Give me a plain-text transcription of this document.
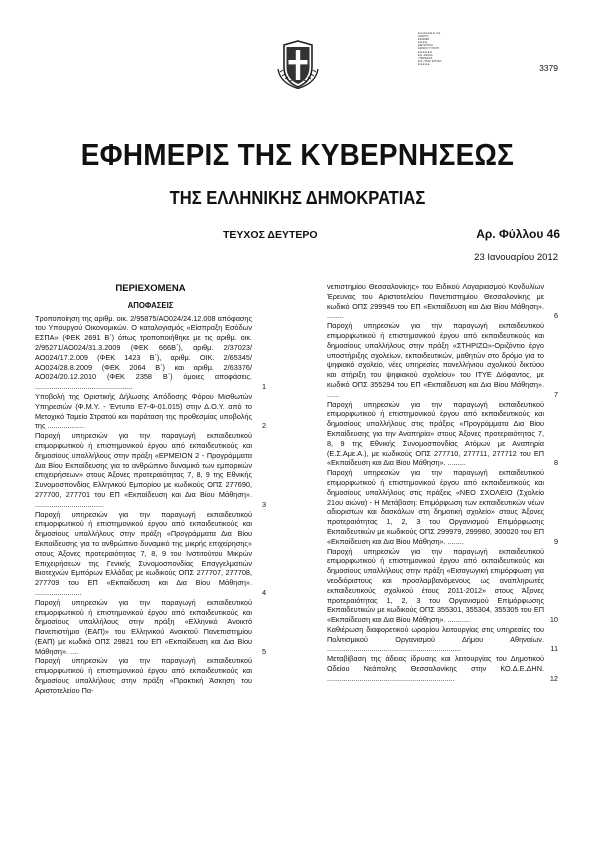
Ε.Θ.Δ.Ε.Ε.Ε.Ε. Α.Ε
ΗΛΕΚΤΡ.
ΕΦΗΜΕΡ.
Ε.Ε.Ε.Ε.
ΔΙΕΥΘΥΝΣΗ
ΕΘΝΙΚΟ ΤΥΠΟΓΡ.
Ε.Ε.Ε.Ε.Ε.Ε.
Ε.Ε. ΑΘΗΝΑ
ΥΠΕΡΕΣΙΑΣ
Ε.Ε. ΠΛΗΡ. ΕΠΙΤΕΛ.
Ε.Ε.Ε.Ε.Ε.	3379
ΕΦΗΜΕΡΙΣ ΤΗΣ ΚΥΒΕΡΝΗΣΕΩΣ
ΤΗΣ ΕΛΛΗΝΙΚΗΣ ΔΗΜΟΚΡΑΤΙΑΣ
ΤΕΥΧΟΣ ΔΕΥΤΕΡΟ	Αρ. Φύλλου 46
23 Ιανουαρίου 2012
ΠΕΡΙΕΧΟΜΕΝΑ
ΑΠΟΦΑΣΕΙΣ
Τροποποίηση της αριθμ. οικ. 2/95875/ΑΟ024/24.12.008 απόφασης του Υπουργού Οικονομικών. Ο καταλογισμός «Είσπραξη Εσόδων ΕΣΠΑ» (ΦΕΚ 2691 Β΄) όπως τροποποιήθηκε με τις αριθμ. οικ. 2/95271/ΑΟ024/31.3.2009 (ΦΕΚ 666Β΄), αριθμ. 2/37023/ΑΟ024/17.2.009 (ΦΕΚ 1423 Β΄), αριθμ. ΟΙΚ. 2/65345/ΑΟ024/28.8.2009 (ΦΕΚ 2064 Β΄) και αριθμ. 2/63376/ΑΟ024/20.12.2010 (ΦΕΚ 2358 Β΄) όμοιες αποφάσεις. ................................................	1
Υποβολή της Οριστικής Δήλωσης Απόδοσης Φόρου Μισθωτών Υπηρεσιών (Φ.Μ.Υ. - Έντυπο Ε7-Φ-01.015) στην Δ.Ο.Υ. από το Μετοχικό Ταμείο Στρατού και παράταση της προθεσμίας υποβολής της ..................	2
Παροχή υπηρεσιών για την παραγωγή εκπαιδευτικού επιμορφωτικού ή επιστημονικού έργου από εκπαιδευτικούς και δημοσίους υπαλλήλους στην πράξη «ΕΡΜΕΙΟΝ 2 - Προγράμματα Δια Βίου Εκπαίδευσης για το ανθρώπινο δυναμικό των εμπορικών επιχειρήσεων» στους Άξονες προτεραιότητας 7, 8, 9 της Εθνικής Συνομοσπονδίας Ελληνικού Εμπορίου με κωδικούς ΟΠΣ 277690, 277700, 277701 του ΕΠ «Εκπαίδευση και Δια Βίου Μάθηση». ..................................	3
Παροχή υπηρεσιών για την παραγωγή εκπαιδευτικού επιμορφωτικού ή επιστημονικού έργου από εκπαιδευτικούς και δημοσίους υπαλλήλους στην πράξη «Προγράμματα Δια Βίου Εκπαίδευσης για το ανθρώπινο δυναμικό της μικρής επιχείρησης» στους Άξονες προτεραιότητας 7, 8, 9 του Ινστιτούτου Μικρών Επιχειρήσεων της Γενικής Συνομοσπονδίας Επαγγελματιών Βιοτεχνών Εμπόρων Ελλάδας με κωδικούς ΟΠΣ 277707, 277708, 277709 του ΕΠ «Εκπαίδευση και Δια Βίου Μάθηση». .......................	4
Παροχή υπηρεσιών για την παραγωγή εκπαιδευτικού επιμορφωτικού ή επιστημονικού έργου από εκπαιδευτικούς και δημοσίους υπαλλήλους στην πράξη «Ελληνικό Ανοικτό Πανεπιστήμιο (ΕΑΠ)» του Ελληνικού Ανοικτού Πανεπιστημίου (ΕΑΠ) με κωδικό ΟΠΣ 29821 του ΕΠ «Εκπαίδευση και Δια Βίου Μάθηση». ....	5
Παροχή υπηρεσιών για την παραγωγή εκπαιδευτικού επιμορφωτικού ή επιστημονικού έργου από εκπαιδευτικούς και δημοσίους υπαλλήλους στην πράξη «Πρακτική Άσκηση του Αριστοτελείου Πα-
νεπιστημίου Θεσσαλονίκης» του Ειδικού Λογαριασμού Κονδυλίων Έρευνας του Αριστοτελείου Πανεπιστημίου Θεσσαλονίκης με κωδικό ΟΠΣ 299949 του ΕΠ «Εκπαίδευση και Δια Βίου Μάθηση». ........	6
Παροχή υπηρεσιών για την παραγωγή εκπαιδευτικού επιμορφωτικού ή επιστημονικού έργου από εκπαιδευτικούς και δημοσίους υπαλλήλους στην πράξη «ΣΤΗΡΙΖΩ»-Οριζόντιο έργο υποστήριξης σχολείων, εκπαιδευτικών, μαθητών στο δρόμο για το ψηφιακό σχολείο, νέες υπηρεσίες πανελλήνιου σχολικού δικτύου και στήριξη του ψηφιακού σχολείου» του ΙΤΥΕ Διόφαντος, με κωδικό ΟΠΣ 355294 του ΕΠ «Εκπαίδευση και Δια Βίου Μάθηση». ......	7
Παροχή υπηρεσιών για την παραγωγή εκπαιδευτικού επιμορφωτικού ή επιστημονικού έργου από εκπαιδευτικούς και δημοσίους υπαλλήλους στις πράξεις «Προγράμματα Δια Βίου Εκπαίδευσης για την Αναπηρία» στους Άξονες προτεραιότητας 7, 8, 9 της Εθνικής Συνομοσπονδίας Ατόμων με Αναπηρία (Ε.Σ.Αμε.Α.), με κωδικούς ΟΠΣ 277710, 277711, 277712 του ΕΠ «Εκπαίδευση και Δια Βίου Μάθηση». .........	8
Παροχή υπηρεσιών για την παραγωγή εκπαιδευτικού επιμορφωτικού ή επιστημονικού έργου από εκπαιδευτικούς και δημοσίους υπαλλήλους στις πράξεις «ΝΕΟ ΣΧΟΛΕΙΟ (Σχολείο 21ου αιώνα) - Η Μετάβαση: Επιμόρφωση των εκπαιδευτικών νέων αδιοριστων και δασκάλων στη δημοτική σχολείο» στους Άξονες προτεραιότητας 1, 2, 3 του Οργανισμού Επιμόρφωσης Εκπαιδευτικών με κωδικούς ΟΠΣ 299979, 299980, 300020 του ΕΠ «Εκπαίδευση και Δια Βίου Μάθηση». ........	9
Παροχή υπηρεσιών για την παραγωγή εκπαιδευτικού επιμορφωτικού ή επιστημονικού έργου από εκπαιδευτικούς και δημοσίους υπαλλήλους στην πράξη «Εισαγωγική επιμόρφωση για νεοδιόριστους και προσλαμβανόμενους ως αναπληρωτές εκπαιδευτικούς σχολικού έτους 2011-2012» στους Άξονες προτεραιότητας 1, 2, 3 του Οργανισμού Επιμόρφωσης Εκπαιδευτικών με κωδικούς ΟΠΣ 355301, 355304, 355305 του ΕΠ «Εκπαίδευση και Δια Βίου Μάθηση». ...........	10
Καθιέρωση διαφορετικού ωραρίου λειτουργίας στις υπηρεσίες του Πολιτισμικού Οργανισμού Δήμου Αθηναίων. ..................................................................	11
Μεταβίβαση της άδειας ίδρυσης και λειτουργίας του Δημοτικού Ωδείου Νεάπολης Θεσσαλονίκης στην ΚΟ.Δ.Ε.ΔΗΝ. ...............................................................	12
